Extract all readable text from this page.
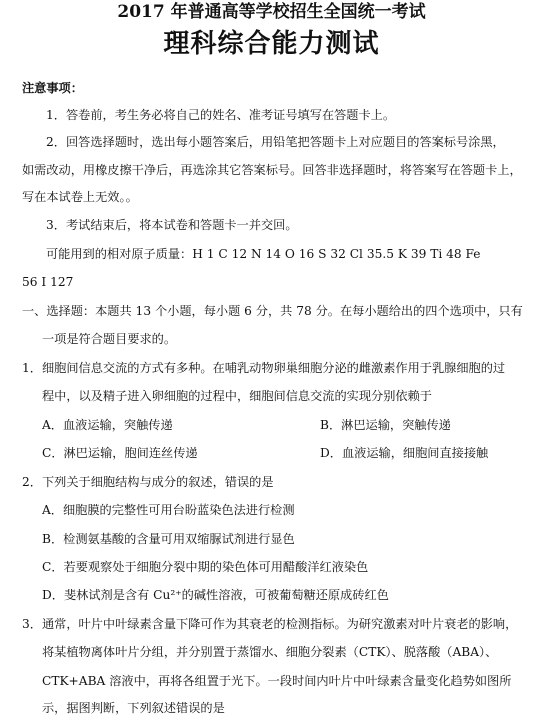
2017 年普通高等学校招生全国统一考试
理科综合能力测试
注意事项：
1．答卷前，考生务必将自己的姓名、准考证号填写在答题卡上。
2．回答选择题时，选出每小题答案后，用铅笔把答题卡上对应题目的答案标号涂黑，
如需改动，用橡皮擦干净后，再选涂其它答案标号。回答非选择题时，将答案写在答题卡上，
写在本试卷上无效。。
3．考试结束后，将本试卷和答题卡一并交回。
可能用到的相对原子质量：H 1 C 12 N 14 O 16 S 32 Cl 35.5 K 39 Ti 48 Fe
56 I 127
一、选择题：本题共 13 个小题，每小题 6 分，共 78 分。在每小题给出的四个选项中，只有
一项是符合题目要求的。
1．细胞间信息交流的方式有多种。在哺乳动物卵巢细胞分泌的雌激素作用于乳腺细胞的过
程中，以及精子进入卵细胞的过程中，细胞间信息交流的实现分别依赖于
A．血液运输，突触传递	B．淋巴运输，突触传递
C．淋巴运输，胞间连丝传递	D．血液运输，细胞间直接接触
2．下列关于细胞结构与成分的叙述，错误的是
A．细胞膜的完整性可用台盼蓝染色法进行检测
B．检测氨基酸的含量可用双缩脲试剂进行显色
C．若要观察处于细胞分裂中期的染色体可用醋酸洋红液染色
D．斐林试剂是含有 Cu²⁺的碱性溶液，可被葡萄糖还原成砖红色
3．通常，叶片中叶绿素含量下降可作为其衰老的检测指标。为研究激素对叶片衰老的影响，
将某植物离体叶片分组，并分别置于蒸馏水、细胞分裂素（CTK）、脱落酸（ABA）、
CTK+ABA 溶液中，再将各组置于光下。一段时间内叶片中叶绿素含量变化趋势如图所
示，据图判断，下列叙述错误的是
